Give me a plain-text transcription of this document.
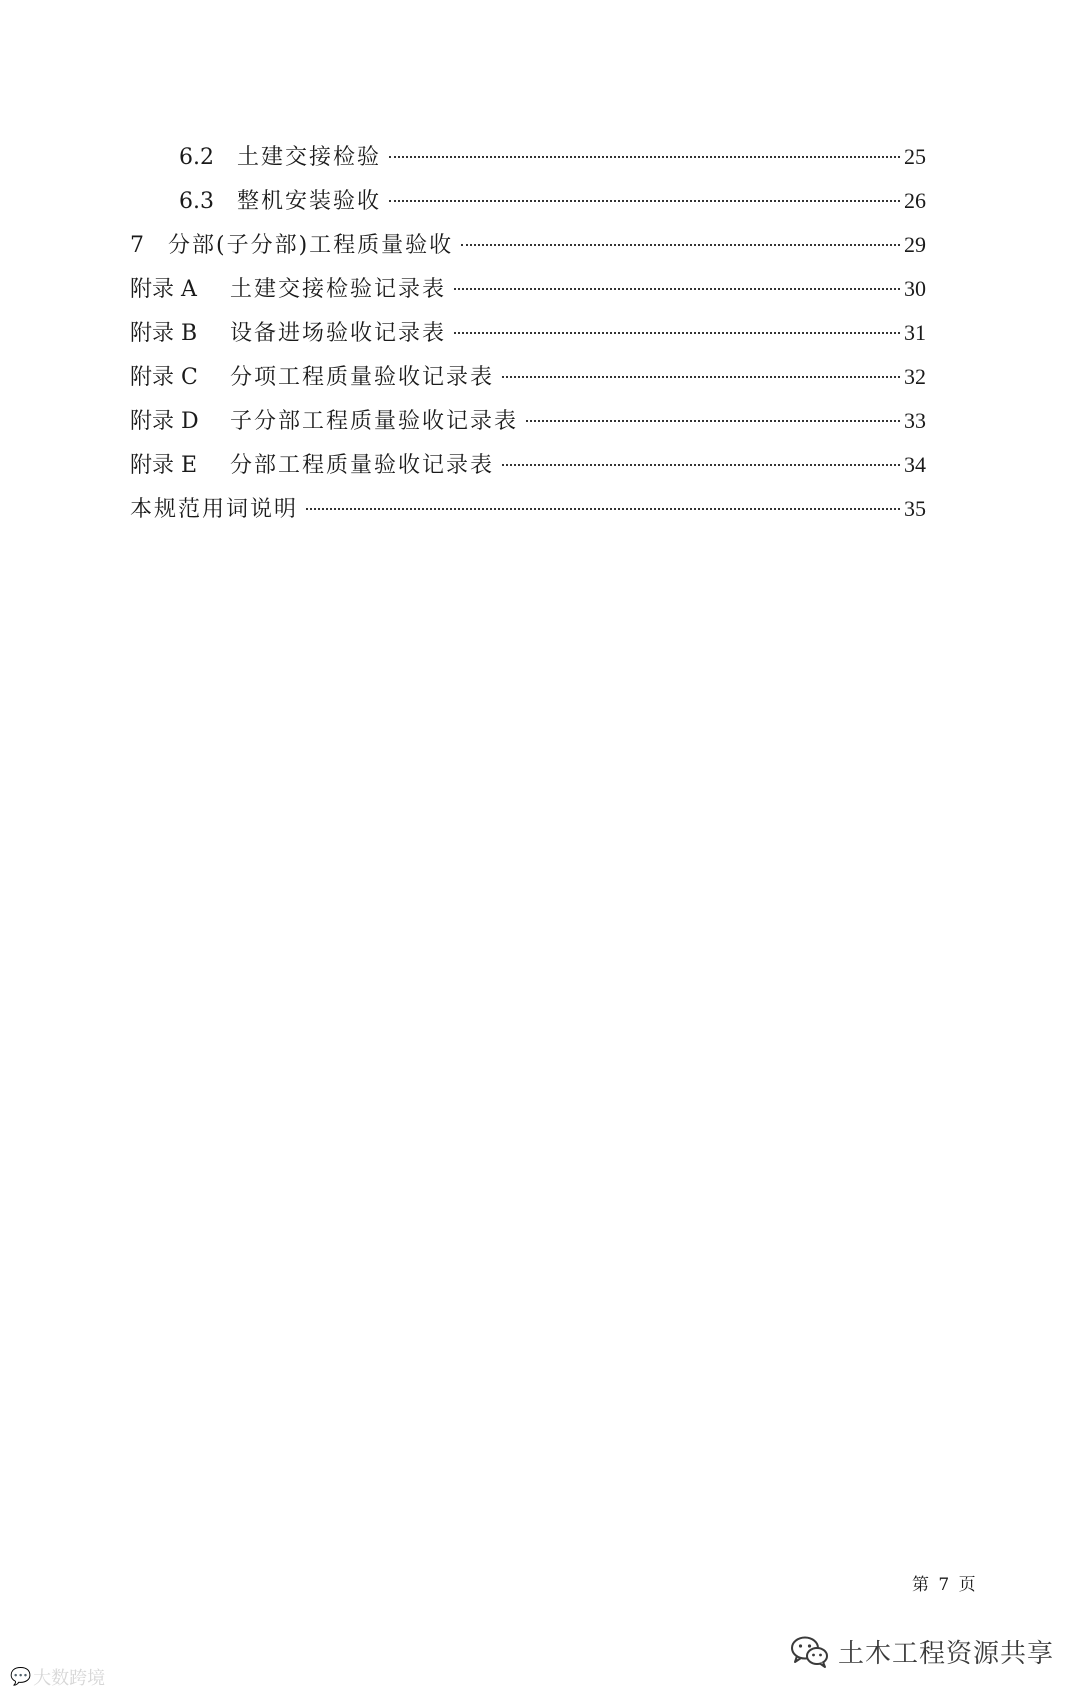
6.2	土建交接检验	25
6.3	整机安装验收	26
7	分部(子分部)工程质量验收	29
附录 A	土建交接检验记录表	30
附录 B	设备进场验收记录表	31
附录 C	分项工程质量验收记录表	32
附录 D	子分部工程质量验收记录表	33
附录 E	分部工程质量验收记录表	34
本规范用词说明	35
第 7 页
💬 大数跨境
土木工程资源共享
